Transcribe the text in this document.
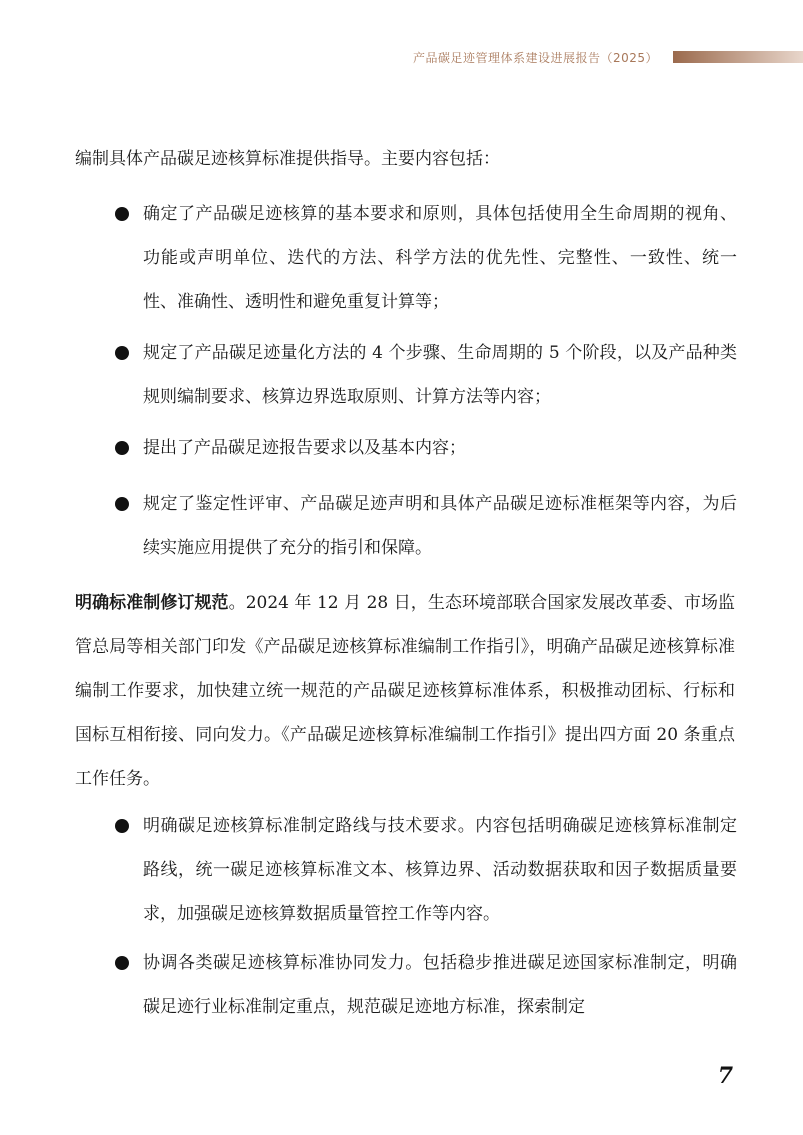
产品碳足迹管理体系建设进展报告（2025）

编制具体产品碳足迹核算标准提供指导。主要内容包括：

确定了产品碳足迹核算的基本要求和原则，具体包括使用全生命周期的视角、功能或声明单位、迭代的方法、科学方法的优先性、完整性、一致性、统一性、准确性、透明性和避免重复计算等；

规定了产品碳足迹量化方法的 4 个步骤、生命周期的 5 个阶段，以及产品种类规则编制要求、核算边界选取原则、计算方法等内容；

提出了产品碳足迹报告要求以及基本内容；

规定了鉴定性评审、产品碳足迹声明和具体产品碳足迹标准框架等内容，为后续实施应用提供了充分的指引和保障。

明确标准制修订规范。2024 年 12 月 28 日，生态环境部联合国家发展改革委、市场监管总局等相关部门印发《产品碳足迹核算标准编制工作指引》，明确产品碳足迹核算标准编制工作要求，加快建立统一规范的产品碳足迹核算标准体系，积极推动团标、行标和国标互相衔接、同向发力。《产品碳足迹核算标准编制工作指引》提出四方面 20 条重点工作任务。

明确碳足迹核算标准制定路线与技术要求。内容包括明确碳足迹核算标准制定路线，统一碳足迹核算标准文本、核算边界、活动数据获取和因子数据质量要求，加强碳足迹核算数据质量管控工作等内容。

协调各类碳足迹核算标准协同发力。包括稳步推进碳足迹国家标准制定，明确碳足迹行业标准制定重点，规范碳足迹地方标准，探索制定

7
